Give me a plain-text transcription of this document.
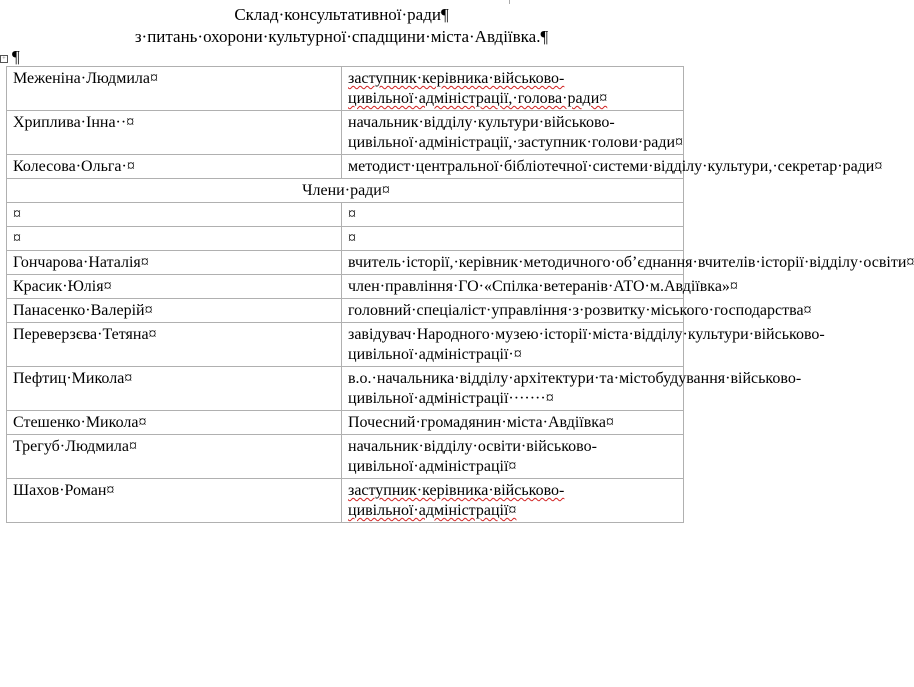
Склад·консультативної·ради¶
з·питань·охорони·культурної·спадщини·міста·Авдіївка.¶
+ ¶
Меженіна·Людмила¤	заступник·керівника·військово-цивільної·адміністрації,·голова·ради¤
Хриплива·Інна··¤	начальник·відділу·культури·військово-цивільної·адміністрації,·заступник·голови·ради¤
Колесова·Ольга·¤	методист·центральної·бібліотечної·системи·відділу·культури,·секретар·ради¤
Члени·ради¤	
¤	¤
¤	¤
Гончарова·Наталія¤	вчитель·історії,·керівник·методичного·об’єднання·вчителів·історії·відділу·освіти¤
Красик·Юлія¤	член·правління·ГО·«Спілка·ветеранів·АТО·м.Авдіївка»¤
Панасенко·Валерій¤	головний·спеціаліст·управління·з·розвитку·міського·господарства¤
Переверзєва·Тетяна¤	завідувач·Народного·музею·історії·міста·відділу·культури·військово-цивільної·адміністрації·¤
Пефтиц·Микола¤	в.о.·начальника·відділу·архітектури·та·містобудування·військово-цивільної·адміністрації·······¤
Стешенко·Микола¤	Почесний·громадянин·міста·Авдіївка¤
Трегуб·Людмила¤	начальник·відділу·освіти·військово-цивільної·адміністрації¤
Шахов·Роман¤	заступник·керівника·військово-цивільної·адміністрації¤
